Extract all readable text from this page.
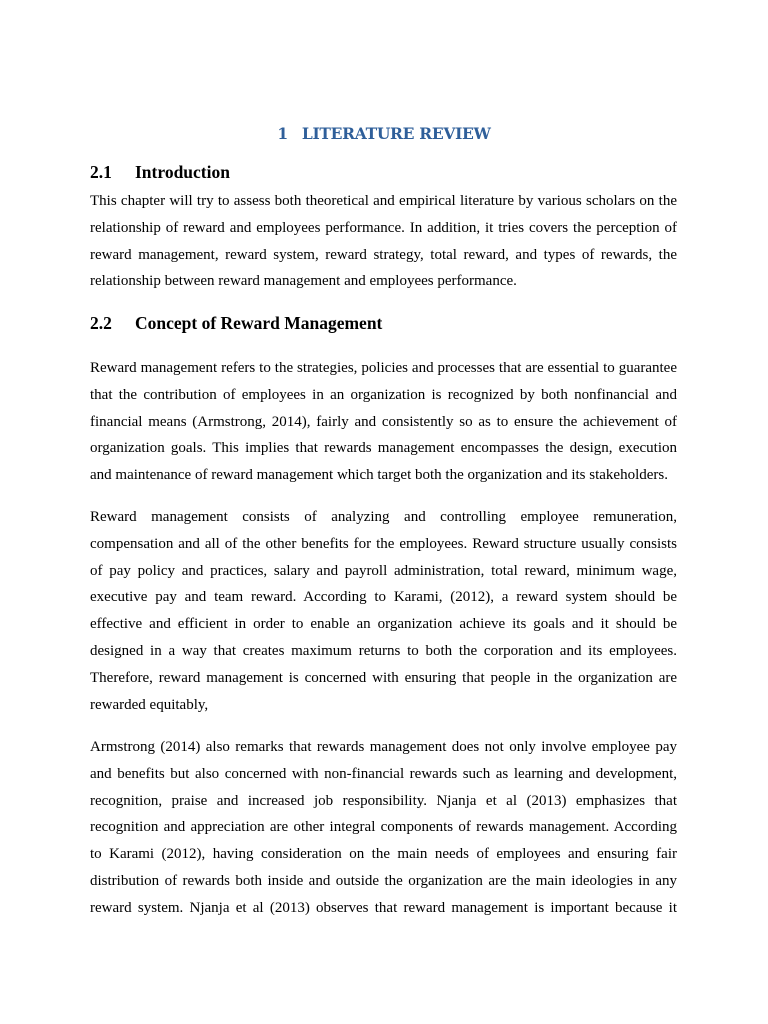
1 LITERATURE REVIEW
2.1 Introduction

This chapter will try to assess both theoretical and empirical literature by various scholars on the relationship of reward and employees performance. In addition, it tries covers the perception of reward management, reward system, reward strategy, total reward, and types of rewards, the relationship between reward management and employees performance.

2.2 Concept of Reward Management

Reward management refers to the strategies, policies and processes that are essential to guarantee that the contribution of employees in an organization is recognized by both nonfinancial and financial means (Armstrong, 2014), fairly and consistently so as to ensure the achievement of organization goals. This implies that rewards management encompasses the design, execution and maintenance of reward management which target both the organization and its stakeholders.

Reward management consists of analyzing and controlling employee remuneration, compensation and all of the other benefits for the employees. Reward structure usually consists of pay policy and practices, salary and payroll administration, total reward, minimum wage, executive pay and team reward. According to Karami, (2012), a reward system should be effective and efficient in order to enable an organization achieve its goals and it should be designed in a way that creates maximum returns to both the corporation and its employees. Therefore, reward management is concerned with ensuring that people in the organization are rewarded equitably,

Armstrong (2014) also remarks that rewards management does not only involve employee pay and benefits but also concerned with non-financial rewards such as learning and development, recognition, praise and increased job responsibility. Njanja et al (2013) emphasizes that recognition and appreciation are other integral components of rewards management. According to Karami (2012), having consideration on the main needs of employees and ensuring fair distribution of rewards both inside and outside the organization are the main ideologies in any reward system. Njanja et al (2013) observes that reward management is important because it
